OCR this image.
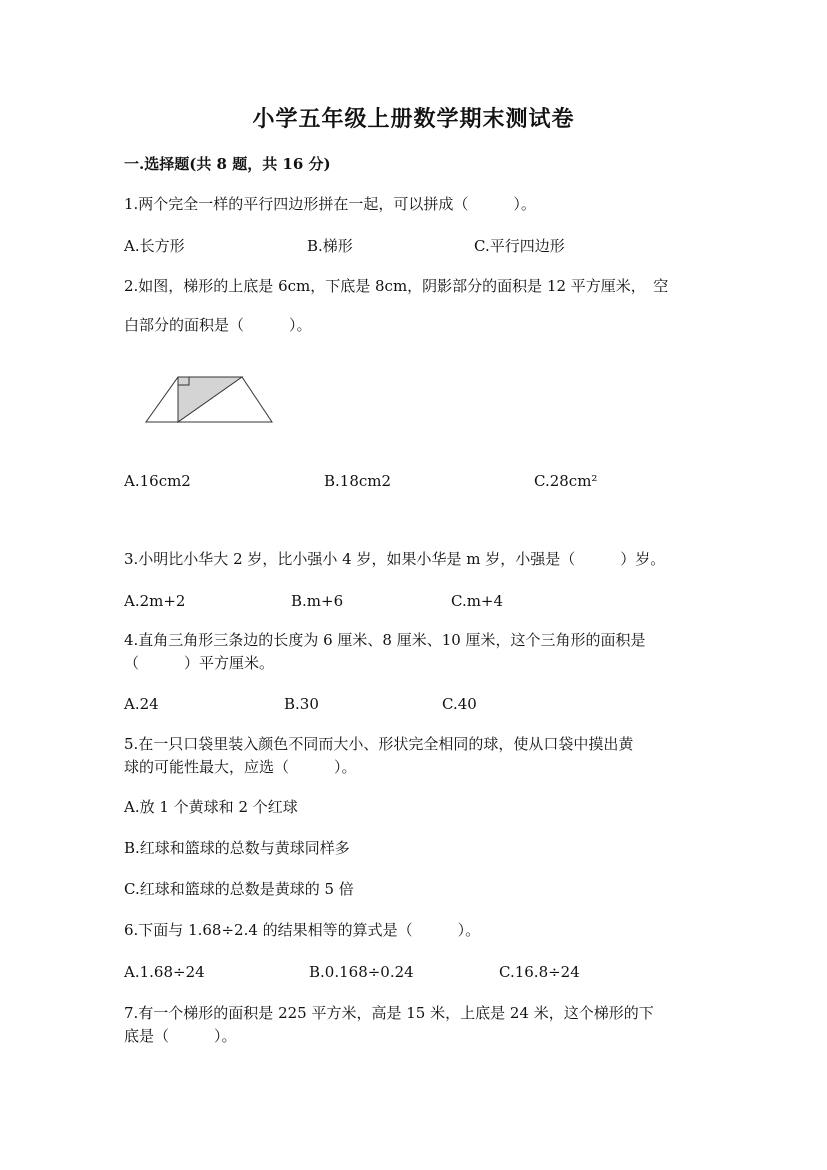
小学五年级上册数学期末测试卷
一.选择题(共 8 题，共 16 分)
1.两个完全一样的平行四边形拼在一起，可以拼成（　　　）。
A.长方形	B.梯形	C.平行四边形
2.如图，梯形的上底是 6cm，下底是 8cm，阴影部分的面积是 12 平方厘米，　空
白部分的面积是（　　　）。
A.16cm2	B.18cm2	C.28cm²
3.小明比小华大 2 岁，比小强小 4 岁，如果小华是 m 岁，小强是（　　　）岁。
A.2m+2	B.m+6	C.m+4
4.直角三角形三条边的长度为 6 厘米、8 厘米、10 厘米，这个三角形的面积是
（　　　）平方厘米。
A.24	B.30	C.40
5.在一只口袋里装入颜色不同而大小、形状完全相同的球，使从口袋中摸出黄
球的可能性最大，应选（　　　）。
A.放 1 个黄球和 2 个红球
B.红球和篮球的总数与黄球同样多
C.红球和篮球的总数是黄球的 5 倍
6.下面与 1.68÷2.4 的结果相等的算式是（　　　）。
A.1.68÷24	B.0.168÷0.24	C.16.8÷24
7.有一个梯形的面积是 225 平方米，高是 15 米，上底是 24 米，这个梯形的下
底是（　　　）。
